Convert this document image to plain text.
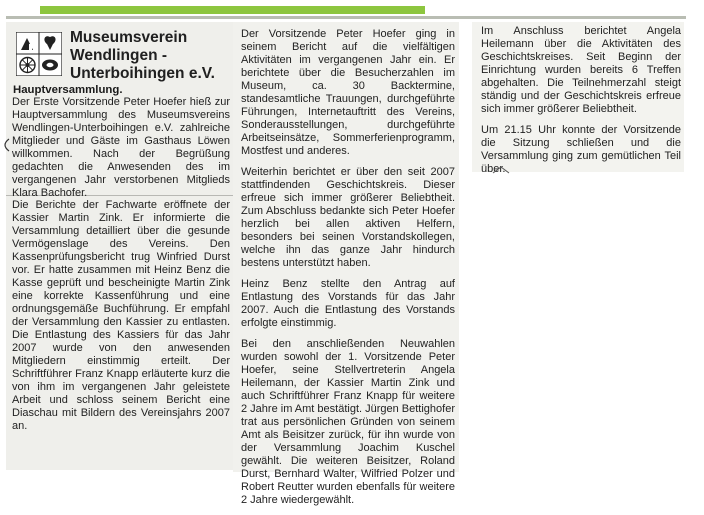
Museumsverein
Wendlingen -
Unterboihingen e.V.
Hauptversammlung.

Der Erste Vorsitzende Peter Hoefer hieß zur Hauptversammlung des Museumsvereins Wendlingen-Unterboihingen e.V. zahlreiche Mitglieder und Gäste im Gasthaus Löwen willkommen. Nach der Begrüßung gedachten die Anwesenden des im vergangenen Jahr verstorbenen Mitglieds Klara Bachofer.

Die Berichte der Fachwarte eröffnete der Kassier Martin Zink. Er informierte die Versammlung detailliert über die gesunde Vermögenslage des Vereins. Den Kassenprüfungsbericht trug Winfried Durst vor. Er hatte zusammen mit Heinz Benz die Kasse geprüft und bescheinigte Martin Zink eine korrekte Kassenführung und eine ordnungsgemäße Buchführung. Er empfahl der Versammlung den Kassier zu entlasten. Die Entlastung des Kassiers für das Jahr 2007 wurde von den anwesenden Mitgliedern einstimmig erteilt. Der Schriftführer Franz Knapp erläuterte kurz die von ihm im vergangenen Jahr geleistete Arbeit und schloss seinem Bericht eine Diaschau mit Bildern des Vereinsjahrs 2007 an.

Der Vorsitzende Peter Hoefer ging in seinem Bericht auf die vielfältigen Aktivitäten im vergangenen Jahr ein. Er berichtete über die Besucherzahlen im Museum, ca. 30 Backtermine, standesamtliche Trauungen, durchgeführte Führungen, Internetauftritt des Vereins, Sonderausstellungen, durchgeführte Arbeitseinsätze, Sommerferienprogramm, Mostfest und anderes.

Weiterhin berichtet er über den seit 2007 stattfindenden Geschichtskreis. Dieser erfreue sich immer größerer Beliebtheit. Zum Abschluss bedankte sich Peter Hoefer herzlich bei allen aktiven Helfern, besonders bei seinen Vorstandskollegen, welche ihn das ganze Jahr hindurch bestens unterstützt haben.

Heinz Benz stellte den Antrag auf Entlastung des Vorstands für das Jahr 2007. Auch die Entlastung des Vorstands erfolgte einstimmig.

Bei den anschließenden Neuwahlen wurden sowohl der 1. Vorsitzende Peter Hoefer, seine Stellvertreterin Angela Heilemann, der Kassier Martin Zink und auch Schriftführer Franz Knapp für weitere 2 Jahre im Amt bestätigt. Jürgen Bettighofer trat aus persönlichen Gründen von seinem Amt als Beisitzer zurück, für ihn wurde von der Versammlung Joachim Kuschel gewählt. Die weiteren Beisitzer, Roland Durst, Bernhard Walter, Wilfried Polzer und Robert Reutter wurden ebenfalls für weitere 2 Jahre wiedergewählt.

Im Anschluss berichtet Angela Heilemann über die Aktivitäten des Geschichtskreises. Seit Beginn der Einrichtung wurden bereits 6 Treffen abgehalten. Die Teilnehmerzahl steigt ständig und der Geschichtskreis erfreue sich immer größerer Beliebtheit.

Um 21.15 Uhr konnte der Vorsitzende die Sitzung schließen und die Versammlung ging zum gemütlichen Teil über.
